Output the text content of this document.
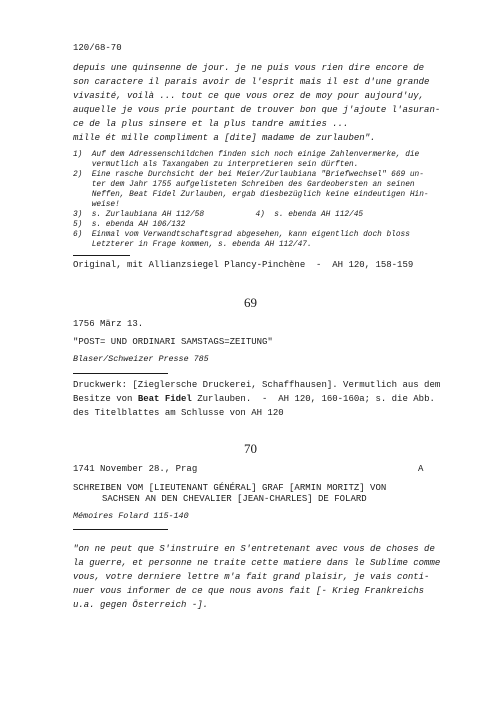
120/68-70
depuis une quinsenne de jour. je ne puis vous rien dire encore de
son caractere il parais avoir de l'esprit mais il est d'une grande
vivasité, voilà ... tout ce que vous orez de moy pour aujourd'uy,
auquelle je vous prie pourtant de trouver bon que j'ajoute l'asuran-
ce de la plus sinsere et la plus tandre amities ...
mille ét mille compliment a [dite] madame de zurlauben".
1)  Auf dem Adressenschildchen finden sich noch einige Zahlenvermerke, die
vermutlich als Taxangaben zu interpretieren sein dürften.
2)  Eine rasche Durchsicht der bei Meier/Zurlaubiana "Briefwechsel" 669 un-
ter dem Jahr 1755 aufgelisteten Schreiben des Gardeobersten an seinen
Neffen, Beat Fidel Zurlauben, ergab diesbezüglich keine eindeutigen Hin-
weise!
3)  s. Zurlaubiana AH 112/58           4)  s. ebenda AH 112/45
5)  s. ebenda AH 106/132
6)  Einmal vom Verwandtschaftsgrad abgesehen, kann eigentlich doch bloss
Letzterer in Frage kommen, s. ebenda AH 112/47.
Original, mit Allianzsiegel Plancy-Pinchène  -  AH 120, 158-159
69
1756 März 13.
"POST= UND ORDINARI SAMSTAGS=ZEITUNG"
Blaser/Schweizer Presse 785
Druckwerk: [Zieglersche Druckerei, Schaffhausen]. Vermutlich aus dem
Besitze von Beat Fidel Zurlauben.  -  AH 120, 160-160a; s. die Abb.
des Titelblattes am Schlusse von AH 120
70
1741 November 28., Prag	A
SCHREIBEN VOM [LIEUTENANT GÉNÉRAL] GRAF [ARMIN MORITZ] VON
SACHSEN AN DEN CHEVALIER [JEAN-CHARLES] DE FOLARD
Mémoires Folard 115-140
"on ne peut que S'instruire en S'entretenant avec vous de choses de
la guerre, et personne ne traite cette matiere dans le Sublime comme
vous, votre derniere lettre m'a fait grand plaisir, je vais conti-
nuer vous informer de ce que nous avons fait [- Krieg Frankreichs
u.a. gegen Österreich -].
